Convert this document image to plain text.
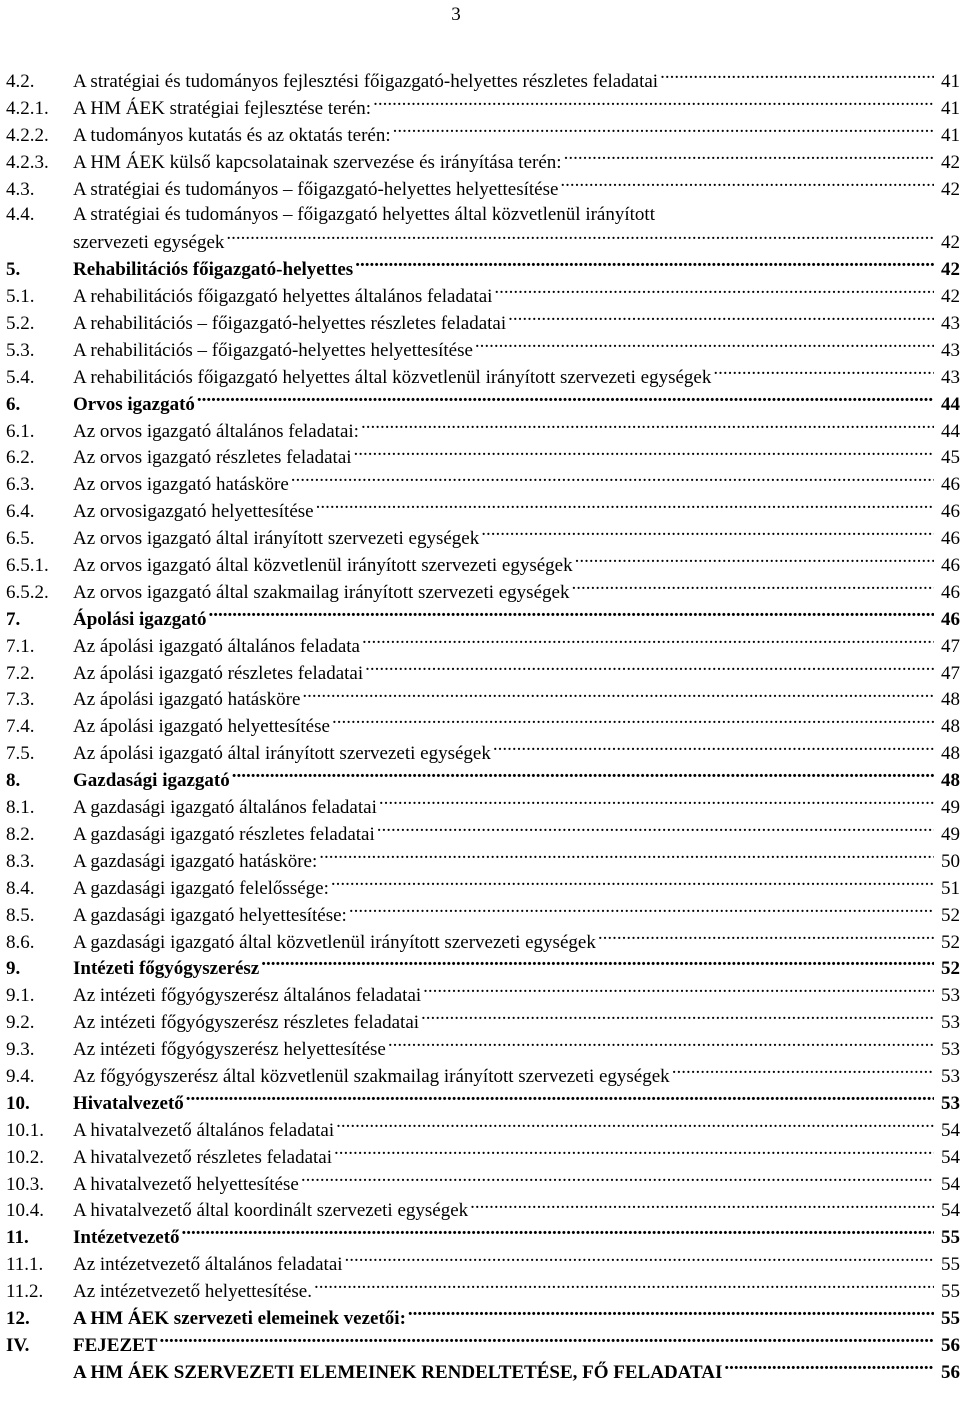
3
4.2.	A stratégiai és tudományos fejlesztési főigazgató-helyettes részletes feladatai .....	41
4.2.1.	A HM ÁEK stratégiai fejlesztése terén: .....	41
4.2.2.	A tudományos kutatás és az oktatás terén: .....	41
4.2.3.	A HM ÁEK külső kapcsolatainak szervezése és irányítása terén: .....	42
4.3.	A stratégiai és tudományos – főigazgató-helyettes helyettesítése .....	42
4.4.	A stratégiai és tudományos – főigazgató helyettes által közvetlenül irányított
szervezeti egységek .....	42
5.	Rehabilitációs főigazgató-helyettes .....	42
5.1.	A rehabilitációs főigazgató helyettes általános feladatai .....	42
5.2.	A rehabilitációs – főigazgató-helyettes részletes feladatai .....	43
5.3.	A rehabilitációs – főigazgató-helyettes helyettesítése .....	43
5.4.	A rehabilitációs főigazgató helyettes által közvetlenül irányított szervezeti egységek .....	43
6.	Orvos igazgató .....	44
6.1.	Az orvos igazgató általános feladatai: .....	44
6.2.	Az orvos igazgató részletes feladatai .....	45
6.3.	Az orvos igazgató hatásköre .....	46
6.4.	Az orvosigazgató helyettesítése .....	46
6.5.	Az orvos igazgató által irányított szervezeti egységek .....	46
6.5.1.	Az orvos igazgató által közvetlenül irányított szervezeti egységek .....	46
6.5.2.	Az orvos igazgató által szakmailag irányított szervezeti egységek .....	46
7.	Ápolási igazgató .....	46
7.1.	Az ápolási igazgató általános feladata .....	47
7.2.	Az ápolási igazgató részletes feladatai .....	47
7.3.	Az ápolási igazgató hatásköre .....	48
7.4.	Az ápolási igazgató helyettesítése .....	48
7.5.	Az ápolási igazgató által irányított szervezeti egységek .....	48
8.	Gazdasági igazgató .....	48
8.1.	A gazdasági igazgató általános feladatai .....	49
8.2.	A gazdasági igazgató részletes feladatai .....	49
8.3.	A gazdasági igazgató hatásköre: .....	50
8.4.	A gazdasági igazgató felelőssége: .....	51
8.5.	A gazdasági igazgató helyettesítése: .....	52
8.6.	A gazdasági igazgató által közvetlenül irányított szervezeti egységek .....	52
9.	Intézeti főgyógyszerész .....	52
9.1.	Az intézeti főgyógyszerész általános feladatai .....	53
9.2.	Az intézeti főgyógyszerész részletes feladatai .....	53
9.3.	Az intézeti főgyógyszerész helyettesítése .....	53
9.4.	Az főgyógyszerész által közvetlenül szakmailag irányított szervezeti egységek .....	53
10.	Hivatalvezető .....	53
10.1.	A hivatalvezető általános feladatai .....	54
10.2.	A hivatalvezető részletes feladatai .....	54
10.3.	A hivatalvezető helyettesítése .....	54
10.4.	A hivatalvezető által koordinált szervezeti egységek .....	54
11.	Intézetvezető .....	55
11.1.	Az intézetvezető általános feladatai .....	55
11.2.	Az intézetvezető helyettesítése. .....	55
12.	A HM ÁEK szervezeti elemeinek vezetői: .....	55
IV.	FEJEZET .....	56
A HM ÁEK SZERVEZETI ELEMEINEK RENDELTETÉSE, FŐ FELADATAI .....	56
